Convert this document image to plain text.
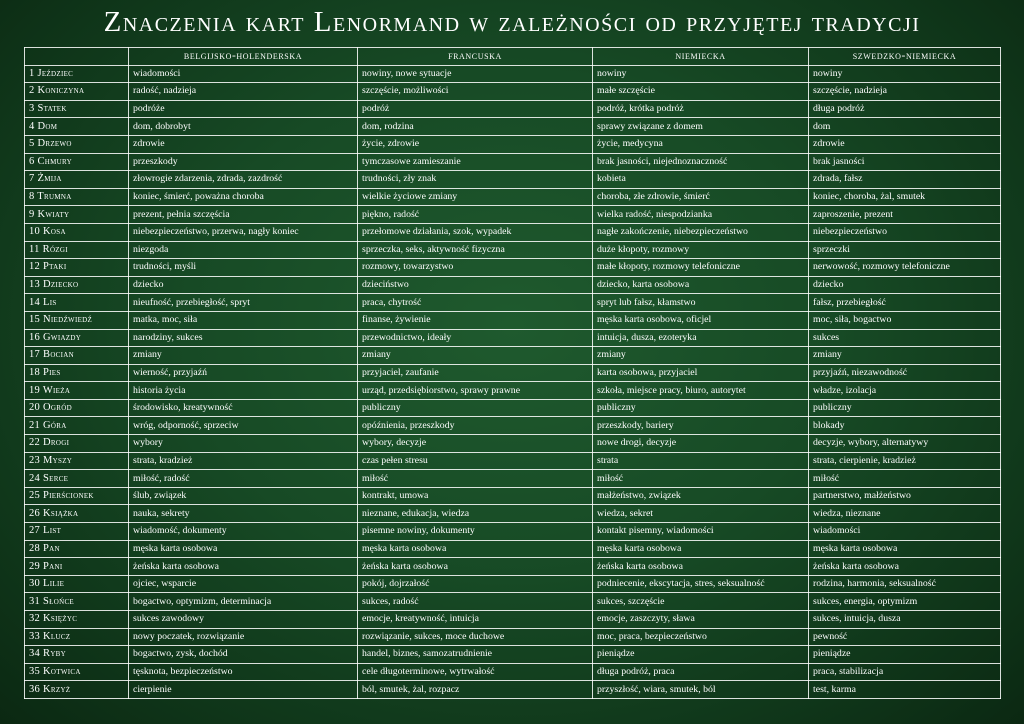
Znaczenia kart Lenormand w zależności od przyjętej tradycji
	belgijsko-holenderska	francuska	niemiecka	szwedzko-niemiecka
1 Jeździec	wiadomości	nowiny, nowe sytuacje	nowiny	nowiny
2 Koniczyna	radość, nadzieja	szczęście, możliwości	małe szczęście	szczęście, nadzieja
3 Statek	podróże	podróż	podróż, krótka podróż	długa podróż
4 Dom	dom, dobrobyt	dom, rodzina	sprawy związane z domem	dom
5 Drzewo	zdrowie	życie, zdrowie	życie, medycyna	zdrowie
6 Chmury	przeszkody	tymczasowe zamieszanie	brak jasności, niejednoznaczność	brak jasności
7 Żmija	złowrogie zdarzenia, zdrada, zazdrość	trudności, zły znak	kobieta	zdrada, fałsz
8 Trumna	koniec, śmierć, poważna choroba	wielkie życiowe zmiany	choroba, złe zdrowie, śmierć	koniec, choroba, żal, smutek
9 Kwiaty	prezent, pełnia szczęścia	piękno, radość	wielka radość, niespodzianka	zaproszenie, prezent
10 Kosa	niebezpieczeństwo, przerwa, nagły koniec	przełomowe działania, szok, wypadek	nagłe zakończenie, niebezpieczeństwo	niebezpieczeństwo
11 Rózgi	niezgoda	sprzeczka, seks, aktywność fizyczna	duże kłopoty, rozmowy	sprzeczki
12 Ptaki	trudności, myśli	rozmowy, towarzystwo	małe kłopoty, rozmowy telefoniczne	nerwowość, rozmowy telefoniczne
13 Dziecko	dziecko	dzieciństwo	dziecko, karta osobowa	dziecko
14 Lis	nieufność, przebiegłość, spryt	praca, chytrość	spryt lub fałsz, kłamstwo	fałsz, przebiegłość
15 Niedźwiedź	matka, moc, siła	finanse, żywienie	męska karta osobowa, oficjel	moc, siła, bogactwo
16 Gwiazdy	narodziny, sukces	przewodnictwo, ideały	intuicja, dusza, ezoteryka	sukces
17 Bocian	zmiany	zmiany	zmiany	zmiany
18 Pies	wierność, przyjaźń	przyjaciel, zaufanie	karta osobowa, przyjaciel	przyjaźń, niezawodność
19 Wieża	historia życia	urząd, przedsiębiorstwo, sprawy prawne	szkoła, miejsce pracy, biuro, autorytet	władze, izolacja
20 Ogród	środowisko, kreatywność	publiczny	publiczny	publiczny
21 Góra	wróg, odporność, sprzeciw	opóźnienia, przeszkody	przeszkody, bariery	blokady
22 Drogi	wybory	wybory, decyzje	nowe drogi, decyzje	decyzje, wybory, alternatywy
23 Myszy	strata, kradzież	czas pełen stresu	strata	strata, cierpienie, kradzież
24 Serce	miłość, radość	miłość	miłość	miłość
25 Pierścionek	ślub, związek	kontrakt, umowa	małżeństwo, związek	partnerstwo, małżeństwo
26 Książka	nauka, sekrety	nieznane, edukacja, wiedza	wiedza, sekret	wiedza, nieznane
27 List	wiadomość, dokumenty	pisemne nowiny, dokumenty	kontakt pisemny, wiadomości	wiadomości
28 Pan	męska karta osobowa	męska karta osobowa	męska karta osobowa	męska karta osobowa
29 Pani	żeńska karta osobowa	żeńska karta osobowa	żeńska karta osobowa	żeńska karta osobowa
30 Lilie	ojciec, wsparcie	pokój, dojrzałość	podniecenie, ekscytacja, stres, seksualność	rodzina, harmonia, seksualność
31 Słońce	bogactwo, optymizm, determinacja	sukces, radość	sukces, szczęście	sukces, energia, optymizm
32 Księżyc	sukces zawodowy	emocje, kreatywność, intuicja	emocje, zaszczyty, sława	sukces, intuicja, dusza
33 Klucz	nowy poczatek, rozwiązanie	rozwiązanie, sukces, moce duchowe	moc, praca, bezpieczeństwo	pewność
34 Ryby	bogactwo, zysk, dochód	handel, biznes, samozatrudnienie	pieniądze	pieniądze
35 Kotwica	tęsknota, bezpieczeństwo	cele długoterminowe, wytrwałość	długa podróż, praca	praca, stabilizacja
36 Krzyż	cierpienie	ból, smutek, żal, rozpacz	przyszłość, wiara, smutek, ból	test, karma
